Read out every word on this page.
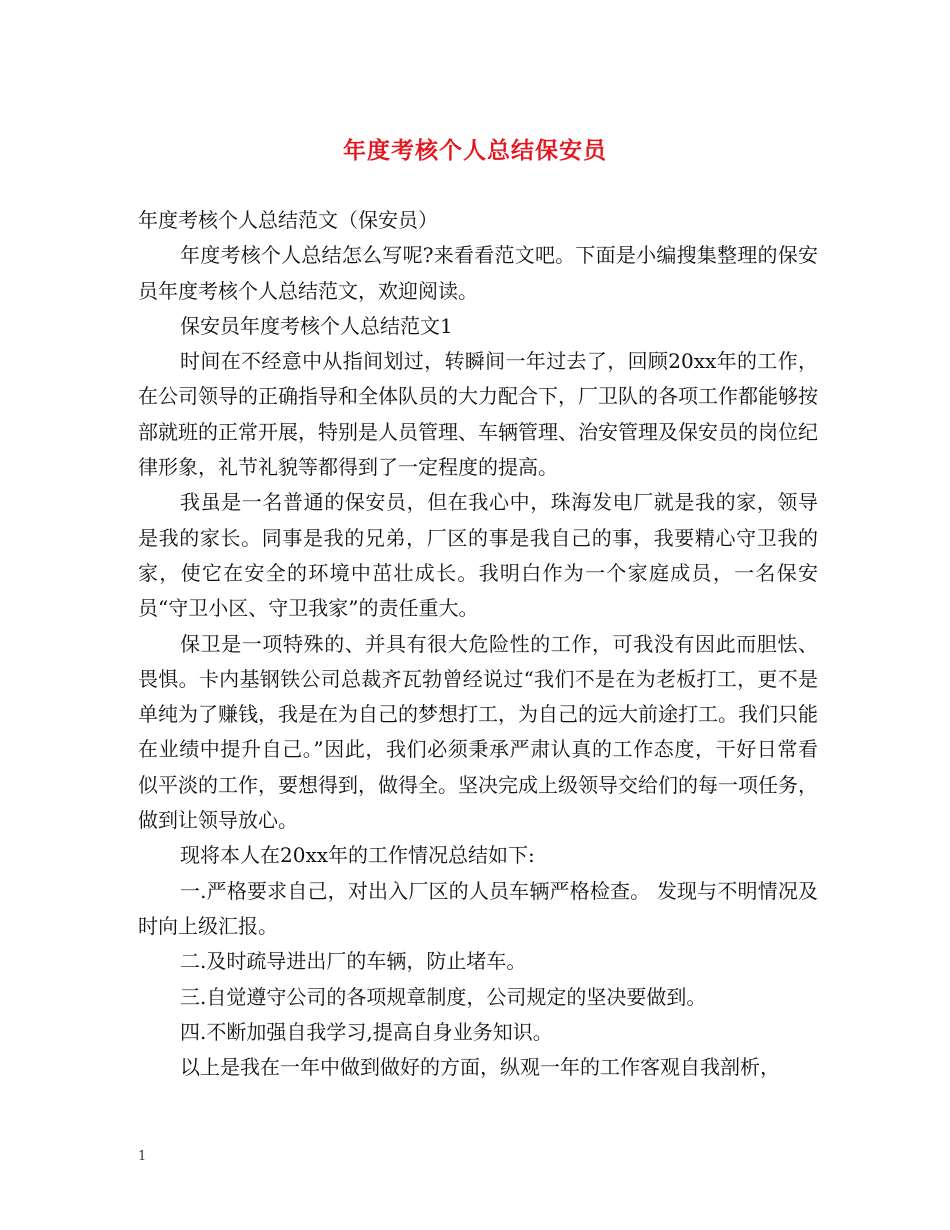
年度考核个人总结保安员

年度考核个人总结范文（保安员）

年度考核个人总结怎么写呢?来看看范文吧。下面是小编搜集整理的保安员年度考核个人总结范文，欢迎阅读。

保安员年度考核个人总结范文1

时间在不经意中从指间划过，转瞬间一年过去了，回顾20xx年的工作，在公司领导的正确指导和全体队员的大力配合下，厂卫队的各项工作都能够按部就班的正常开展，特别是人员管理、车辆管理、治安管理及保安员的岗位纪律形象，礼节礼貌等都得到了一定程度的提高。

我虽是一名普通的保安员，但在我心中，珠海发电厂就是我的家，领导是我的家长。同事是我的兄弟，厂区的事是我自己的事，我要精心守卫我的家，使它在安全的环境中茁壮成长。我明白作为一个家庭成员，一名保安员“守卫小区、守卫我家”的责任重大。

保卫是一项特殊的、并具有很大危险性的工作，可我没有因此而胆怯、畏惧。卡内基钢铁公司总裁齐瓦勃曾经说过“我们不是在为老板打工，更不是单纯为了赚钱，我是在为自己的梦想打工，为自己的远大前途打工。我们只能在业绩中提升自己。”因此，我们必须秉承严肃认真的工作态度，干好日常看似平淡的工作，要想得到，做得全。坚决完成上级领导交给们的每一项任务，做到让领导放心。

现将本人在20xx年的工作情况总结如下:

一.严格要求自己，对出入厂区的人员车辆严格检查。 发现与不明情况及时向上级汇报。

二.及时疏导进出厂的车辆，防止堵车。

三.自觉遵守公司的各项规章制度，公司规定的坚决要做到。

四.不断加强自我学习,提高自身业务知识。

以上是我在一年中做到做好的方面，纵观一年的工作客观自我剖析，

1
